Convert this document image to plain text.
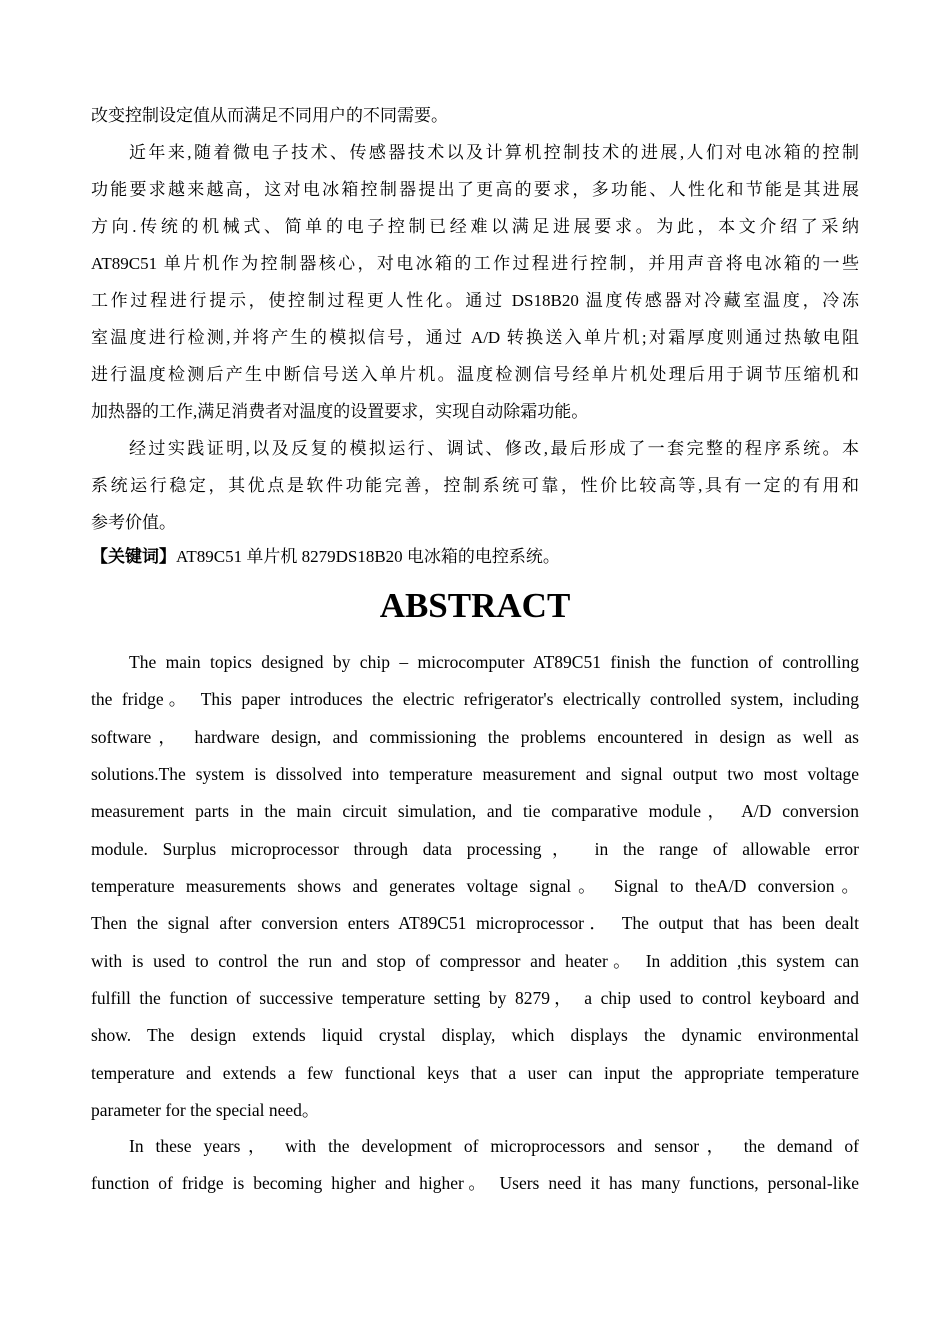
改变控制设定值从而满足不同用户的不同需要。
近年来,随着微电子技术、传感器技术以及计算机控制技术的进展,人们对电冰箱的控制
功能要求越来越高，这对电冰箱控制器提出了更高的要求，多功能、人性化和节能是其进展
方向.传统的机械式、简单的电子控制已经难以满足进展要求。为此，本文介绍了采纳
AT89C51 单片机作为控制器核心，对电冰箱的工作过程进行控制，并用声音将电冰箱的一些
工作过程进行提示，使控制过程更人性化。通过 DS18B20 温度传感器对冷藏室温度，冷冻
室温度进行检测,并将产生的模拟信号，通过 A/D 转换送入单片机;对霜厚度则通过热敏电阻
进行温度检测后产生中断信号送入单片机。温度检测信号经单片机处理后用于调节压缩机和
加热器的工作,满足消费者对温度的设置要求，实现自动除霜功能。
经过实践证明,以及反复的模拟运行、调试、修改,最后形成了一套完整的程序系统。本
系统运行稳定，其优点是软件功能完善，控制系统可靠，性价比较高等,具有一定的有用和
参考价值。
【关键词】AT89C51 单片机 8279DS18B20 电冰箱的电控系统。
ABSTRACT
The main topics designed by chip – microcomputer AT89C51 finish the function of controlling
the fridge。 This paper introduces the electric refrigerator's electrically controlled system, including
software， hardware design, and commissioning the problems encountered in design as well as
solutions.The system is dissolved into temperature measurement and signal output two most voltage
measurement parts in the main circuit simulation, and tie comparative module， A/D conversion
module. Surplus microprocessor through data processing， in the range of allowable error
temperature measurements shows and generates voltage signal。 Signal to theA/D conversion。
Then the signal after conversion enters AT89C51 microprocessor． The output that has been dealt
with is used to control the run and stop of compressor and heater。 In addition ,this system can
fulfill the function of successive temperature setting by 8279， a chip used to control keyboard and
show. The design extends liquid crystal display, which displays the dynamic environmental
temperature and extends a few functional keys that a user can input the appropriate temperature
parameter for the special need。
In these years， with the development of microprocessors and sensor， the demand of
function of fridge is becoming higher and higher。 Users need it has many functions, personal-like
